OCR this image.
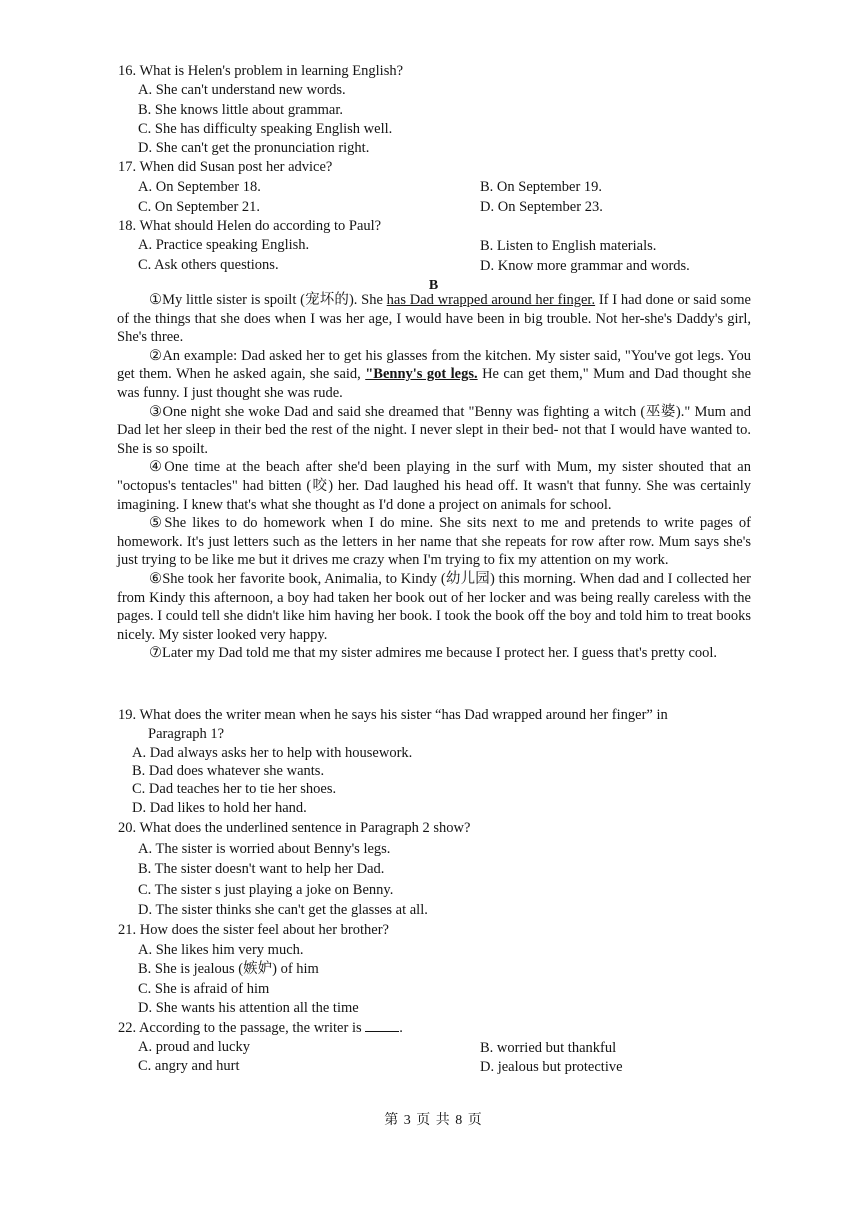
16. What is Helen's problem in learning English?
A. She can't understand new words.
B. She knows little about grammar.
C. She has difficulty speaking English well.
D. She can't get the pronunciation right.
17. When did Susan post her advice?
A. On September 18.	B. On September 19.
C. On September 21.	D. On September 23.
18. What should Helen do according to Paul?
A. Practice speaking English.	B. Listen to English materials.
C. Ask others questions.	D. Know more grammar and words.
B

①My little sister is spoilt (宠坏的). She has Dad wrapped around her finger. If I had done or said some of the things that she does when I was her age, I would have been in big trouble. Not her-she's Daddy's girl, She's three.

②An example: Dad asked her to get his glasses from the kitchen. My sister said, "You've got legs. You get them. When he asked again, she said, "Benny's got legs. He can get them," Mum and Dad thought she was funny. I just thought she was rude.

③One night she woke Dad and said she dreamed that "Benny was fighting a witch (巫婆)." Mum and Dad let her sleep in their bed the rest of the night. I never slept in their bed- not that I would have wanted to. She is so spoilt.

④One time at the beach after she'd been playing in the surf with Mum, my sister shouted that an "octopus's tentacles" had bitten (咬) her. Dad laughed his head off. It wasn't that funny. She was certainly imagining. I knew that's what she thought as I'd done a project on animals for school.

⑤She likes to do homework when I do mine. She sits next to me and pretends to write pages of homework. It's just letters such as the letters in her name that she repeats for row after row. Mum says she's just trying to be like me but it drives me crazy when I'm trying to fix my attention on my work.

⑥She took her favorite book, Animalia, to Kindy (幼儿园) this morning. When dad and I collected her from Kindy this afternoon, a boy had taken her book out of her locker and was being really careless with the pages. I could tell she didn't like him having her book. I took the book off the boy and told him to treat books nicely. My sister looked very happy.

⑦Later my Dad told me that my sister admires me because I protect her. I guess that's pretty cool.

19. What does the writer mean when he says his sister “has Dad wrapped around her finger” in
Paragraph 1?
A. Dad always asks her to help with housework.
B. Dad does whatever she wants.
C. Dad teaches her to tie her shoes.
D. Dad likes to hold her hand.
20. What does the underlined sentence in Paragraph 2 show?
A. The sister is worried about Benny's legs.
B. The sister doesn't want to help her Dad.
C. The sister s just playing a joke on Benny.
D. The sister thinks she can't get the glasses at all.
21. How does the sister feel about her brother?
A. She likes him very much.
B. She is jealous (嫉妒) of him
C. She is afraid of him
D. She wants his attention all the time
22. According to the passage, the writer is .
A. proud and lucky	B. worried but thankful
C. angry and hurt	D. jealous but protective
第 3 页 共 8 页
